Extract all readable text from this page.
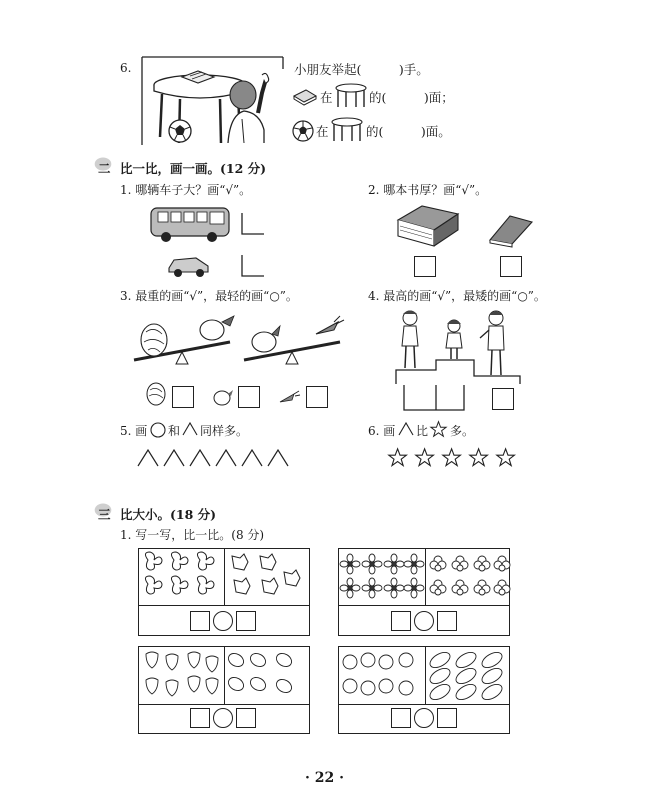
6.	小朋友举起(　　　)手。
在	的(　　　)面；
在	的(　　　)面。
二 比一比，画一画。(12 分)
1. 哪辆车子大？画“√”。	2. 哪本书厚？画“√”。
3. 最重的画“√”，最轻的画“○”。	4. 最高的画“√”，最矮的画“○”。
5. 画 和 同样多。	6. 画 比 多。
三 比大小。(18 分)
1. 写一写，比一比。(8 分)
· 22 ·
